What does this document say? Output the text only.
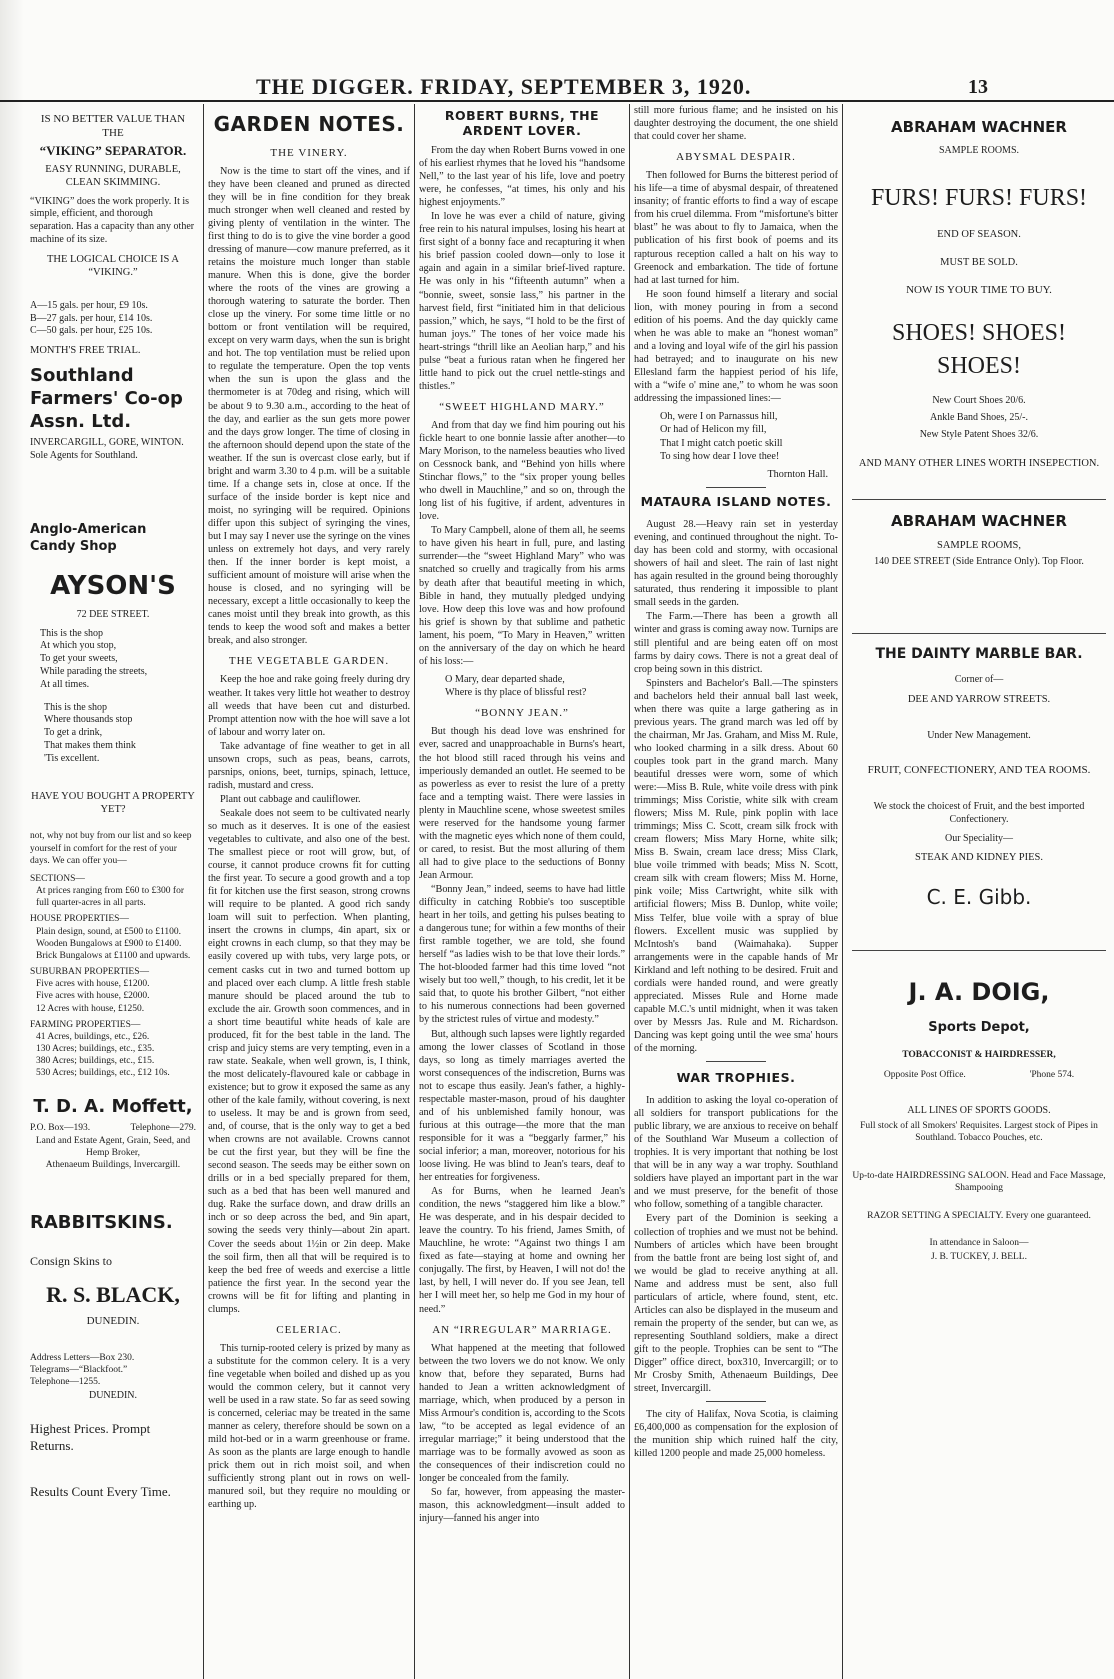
THE DIGGER. FRIDAY, SEPTEMBER 3, 1920.	13
IS NO BETTER VALUE THAN THE
“VIKING” SEPARATOR.
EASY RUNNING, DURABLE, CLEAN SKIMMING.
“VIKING” does the work properly. It is simple, efficient, and thorough separation. Has a capacity than any other machine of its size.
THE LOGICAL CHOICE IS A “VIKING.”
A—15 gals. per hour, £9 10s.
B—27 gals. per hour, £14 10s.
C—50 gals. per hour, £25 10s.
MONTH'S FREE TRIAL.
Southland Farmers' Co-op Assn. Ltd.
INVERCARGILL, GORE, WINTON.
Sole Agents for Southland.
Anglo-American Candy Shop
AYSON'S
72 DEE STREET.
This is the shop
At which you stop,
To get your sweets,
While parading the streets,
At all times.
This is the shop
Where thousands stop
To get a drink,
That makes them think
'Tis excellent.
HAVE YOU BOUGHT A PROPERTY YET?
not, why not buy from our list and so keep yourself in comfort for the rest of your days. We can offer you—
SECTIONS—
At prices ranging from £60 to £300 for full quarter-acres in all parts.
HOUSE PROPERTIES—
Plain design, sound, at £500 to £1100.
Wooden Bungalows at £900 to £1400.
Brick Bungalows at £1100 and upwards.
SUBURBAN PROPERTIES—
Five acres with house, £1200.
Five acres with house, £2000.
12 Acres with house, £1250.
FARMING PROPERTIES—
41 Acres, buildings, etc., £26.
130 Acres; buildings, etc., £35.
380 Acres; buildings, etc., £15.
530 Acres; buildings, etc., £12 10s.
T. D. A. Moffett,
P.O. Box—193.	Telephone—279.
Land and Estate Agent, Grain, Seed, and Hemp Broker,
Athenaeum Buildings, Invercargill.
RABBITSKINS.
Consign Skins to
R. S. BLACK,
DUNEDIN.
Address Letters—Box 230.
Telegrams—“Blackfoot.”
Telephone—1255.
DUNEDIN.
Highest Prices. Prompt Returns.
Results Count Every Time.
GARDEN NOTES.
THE VINERY.

Now is the time to start off the vines, and if they have been cleaned and pruned as directed they will be in fine condition for they break much stronger when well cleaned and rested by giving plenty of ventilation in the winter. The first thing to do is to give the vine border a good dressing of manure—cow manure preferred, as it retains the moisture much longer than stable manure. When this is done, give the border where the roots of the vines are growing a thorough watering to saturate the border. Then close up the vinery. For some time little or no bottom or front ventilation will be required, except on very warm days, when the sun is bright and hot. The top ventilation must be relied upon to regulate the temperature. Open the top vents when the sun is upon the glass and the thermometer is at 70deg and rising, which will be about 9 to 9.30 a.m., according to the heat of the day, and earlier as the sun gets more power and the days grow longer. The time of closing in the afternoon should depend upon the state of the weather. If the sun is overcast close early, but if bright and warm 3.30 to 4 p.m. will be a suitable time. If a change sets in, close at once. If the surface of the inside border is kept nice and moist, no syringing will be required. Opinions differ upon this subject of syringing the vines, but I may say I never use the syringe on the vines unless on extremely hot days, and very rarely then. If the inner border is kept moist, a sufficient amount of moisture will arise when the house is closed, and no syringing will be necessary, except a little occasionally to keep the canes moist until they break into growth, as this tends to keep the wood soft and makes a better break, and also stronger.

THE VEGETABLE GARDEN.

Keep the hoe and rake going freely during dry weather. It takes very little hot weather to destroy all weeds that have been cut and disturbed. Prompt attention now with the hoe will save a lot of labour and worry later on.

Take advantage of fine weather to get in all unsown crops, such as peas, beans, carrots, parsnips, onions, beet, turnips, spinach, lettuce, radish, mustard and cress.

Plant out cabbage and cauliflower.

Seakale does not seem to be cultivated nearly so much as it deserves. It is one of the easiest vegetables to cultivate, and also one of the best. The smallest piece or root will grow, but, of course, it cannot produce crowns fit for cutting the first year. To secure a good growth and a top fit for kitchen use the first season, strong crowns will require to be planted. A good rich sandy loam will suit to perfection. When planting, insert the crowns in clumps, 4in apart, six or eight crowns in each clump, so that they may be easily covered up with tubs, very large pots, or cement casks cut in two and turned bottom up and placed over each clump. A little fresh stable manure should be placed around the tub to exclude the air. Growth soon commences, and in a short time beautiful white heads of kale are produced, fit for the best table in the land. The crisp and juicy stems are very tempting, even in a raw state. Seakale, when well grown, is, I think, the most delicately-flavoured kale or cabbage in existence; but to grow it exposed the same as any other of the kale family, without covering, is next to useless. It may be and is grown from seed, and, of course, that is the only way to get a bed when crowns are not available. Crowns cannot be cut the first year, but they will be fine the second season. The seeds may be either sown on drills or in a bed specially prepared for them, such as a bed that has been well manured and dug. Rake the surface down, and draw drills an inch or so deep across the bed, and 9in apart, sowing the seeds very thinly—about 2in apart. Cover the seeds about 1½in or 2in deep. Make the soil firm, then all that will be required is to keep the bed free of weeds and exercise a little patience the first year. In the second year the crowns will be fit for lifting and planting in clumps.

CELERIAC.

This turnip-rooted celery is prized by many as a substitute for the common celery. It is a very fine vegetable when boiled and dished up as you would the common celery, but it cannot very well be used in a raw state. So far as seed sowing is concerned, celeriac may be treated in the same manner as celery, therefore should be sown on a mild hot-bed or in a warm greenhouse or frame. As soon as the plants are large enough to handle prick them out in rich moist soil, and when sufficiently strong plant out in rows on well-manured soil, but they require no moulding or earthing up.

ROBERT BURNS, THE ARDENT LOVER.

From the day when Robert Burns vowed in one of his earliest rhymes that he loved his “handsome Nell,” to the last year of his life, love and poetry were, he confesses, “at times, his only and his highest enjoyments.”

In love he was ever a child of nature, giving free rein to his natural impulses, losing his heart at first sight of a bonny face and recapturing it when his brief passion cooled down—only to lose it again and again in a similar brief-lived rapture. He was only in his “fifteenth autumn” when a “bonnie, sweet, sonsie lass,” his partner in the harvest field, first “initiated him in that delicious passion,” which, he says, “I hold to be the first of human joys.” The tones of her voice made his heart-strings “thrill like an Aeolian harp,” and his pulse “beat a furious ratan when he fingered her little hand to pick out the cruel nettle-stings and thistles.”

“SWEET HIGHLAND MARY.”

And from that day we find him pouring out his fickle heart to one bonnie lassie after another—to Mary Morison, to the nameless beauties who lived on Cessnock bank, and “Behind yon hills where Stinchar flows,” to the “six proper young belles who dwell in Mauchline,” and so on, through the long list of his fugitive, if ardent, adventures in love.

To Mary Campbell, alone of them all, he seems to have given his heart in full, pure, and lasting surrender—the “sweet Highland Mary” who was snatched so cruelly and tragically from his arms by death after that beautiful meeting in which, Bible in hand, they mutually pledged undying love. How deep this love was and how profound his grief is shown by that sublime and pathetic lament, his poem, “To Mary in Heaven,” written on the anniversary of the day on which he heard of his loss:—

O Mary, dear departed shade,
Where is thy place of blissful rest?
“BONNY JEAN.”

But though his dead love was enshrined for ever, sacred and unapproachable in Burns's heart, the hot blood still raced through his veins and imperiously demanded an outlet. He seemed to be as powerless as ever to resist the lure of a pretty face and a tempting waist. There were lassies in plenty in Mauchline scene, whose sweetest smiles were reserved for the handsome young farmer with the magnetic eyes which none of them could, or cared, to resist. But the most alluring of them all had to give place to the seductions of Bonny Jean Armour.

“Bonny Jean,” indeed, seems to have had little difficulty in catching Robbie's too susceptible heart in her toils, and getting his pulses beating to a dangerous tune; for within a few months of their first ramble together, we are told, she found herself “as ladies wish to be that love their lords.” The hot-blooded farmer had this time loved “not wisely but too well,” though, to his credit, let it be said that, to quote his brother Gilbert, “not either to his numerous connections had been governed by the strictest rules of virtue and modesty.”

But, although such lapses were lightly regarded among the lower classes of Scotland in those days, so long as timely marriages averted the worst consequences of the indiscretion, Burns was not to escape thus easily. Jean's father, a highly-respectable master-mason, proud of his daughter and of his unblemished family honour, was furious at this outrage—the more that the man responsible for it was a “beggarly farmer,” his social inferior; a man, moreover, notorious for his loose living. He was blind to Jean's tears, deaf to her entreaties for forgiveness.

As for Burns, when he learned Jean's condition, the news “staggered him like a blow.” He was desperate, and in his despair decided to leave the country. To his friend, James Smith, of Mauchline, he wrote: “Against two things I am fixed as fate—staying at home and owning her conjugally. The first, by Heaven, I will not do! the last, by hell, I will never do. If you see Jean, tell her I will meet her, so help me God in my hour of need.”

AN “IRREGULAR” MARRIAGE.

What happened at the meeting that followed between the two lovers we do not know. We only know that, before they separated, Burns had handed to Jean a written acknowledgment of marriage, which, when produced by a person in Miss Armour's condition is, according to the Scots law, “to be accepted as legal evidence of an irregular marriage;” it being understood that the marriage was to be formally avowed as soon as the consequences of their indiscretion could no longer be concealed from the family.

So far, however, from appeasing the master-mason, this acknowledgment—insult added to injury—fanned his anger into

still more furious flame; and he insisted on his daughter destroying the document, the one shield that could cover her shame.

ABYSMAL DESPAIR.

Then followed for Burns the bitterest period of his life—a time of abysmal despair, of threatened insanity; of frantic efforts to find a way of escape from his cruel dilemma. From “misfortune's bitter blast” he was about to fly to Jamaica, when the publication of his first book of poems and its rapturous reception called a halt on his way to Greenock and embarkation. The tide of fortune had at last turned for him.

He soon found himself a literary and social lion, with money pouring in from a second edition of his poems. And the day quickly came when he was able to make an “honest woman” and a loving and loyal wife of the girl his passion had betrayed; and to inaugurate on his new Ellesland farm the happiest period of his life, with a “wife o' mine ane,” to whom he was soon addressing the impassioned lines:—

Oh, were I on Parnassus hill,
Or had of Helicon my fill,
That I might catch poetic skill
To sing how dear I love thee!
Thornton Hall.
MATAURA ISLAND NOTES.

August 28.—Heavy rain set in yesterday evening, and continued throughout the night. To-day has been cold and stormy, with occasional showers of hail and sleet. The rain of last night has again resulted in the ground being thoroughly saturated, thus rendering it impossible to plant small seeds in the garden.

The Farm.—There has been a growth all winter and grass is coming away now. Turnips are still plentiful and are being eaten off on most farms by dairy cows. There is not a great deal of crop being sown in this district.

Spinsters and Bachelor's Ball.—The spinsters and bachelors held their annual ball last week, when there was quite a large gathering as in previous years. The grand march was led off by the chairman, Mr Jas. Graham, and Miss M. Rule, who looked charming in a silk dress. About 60 couples took part in the grand march. Many beautiful dresses were worn, some of which were:—Miss B. Rule, white voile dress with pink trimmings; Miss Coristie, white silk with cream flowers; Miss M. Rule, pink poplin with lace trimmings; Miss C. Scott, cream silk frock with cream flowers; Miss Mary Horne, white silk; Miss B. Swain, cream lace dress; Miss Clark, blue voile trimmed with beads; Miss N. Scott, cream silk with cream flowers; Miss M. Horne, pink voile; Miss Cartwright, white silk with artificial flowers; Miss B. Dunlop, white voile; Miss Telfer, blue voile with a spray of blue flowers. Excellent music was supplied by McIntosh's band (Waimahaka). Supper arrangements were in the capable hands of Mr Kirkland and left nothing to be desired. Fruit and cordials were handed round, and were greatly appreciated. Misses Rule and Horne made capable M.C.'s until midnight, when it was taken over by Messrs Jas. Rule and M. Richardson. Dancing was kept going until the wee sma' hours of the morning.

WAR TROPHIES.

In addition to asking the loyal co-operation of all soldiers for transport publications for the public library, we are anxious to receive on behalf of the Southland War Museum a collection of trophies. It is very important that nothing be lost that will be in any way a war trophy. Southland soldiers have played an important part in the war and we must preserve, for the benefit of those who follow, something of a tangible character.

Every part of the Dominion is seeking a collection of trophies and we must not be behind. Numbers of articles which have been brought from the battle front are being lost sight of, and we would be glad to receive anything at all. Name and address must be sent, also full particulars of article, where found, stent, etc. Articles can also be displayed in the museum and remain the property of the sender, but can we, as representing Southland soldiers, make a direct gift to the people. Trophies can be sent to “The Digger” office direct, box310, Invercargill; or to Mr Crosby Smith, Athenaeum Buildings, Dee street, Invercargill.

The city of Halifax, Nova Scotia, is claiming £6,400,000 as compensation for the explosion of the munition ship which ruined half the city, killed 1200 people and made 25,000 homeless.

ABRAHAM WACHNER
SAMPLE ROOMS.
FURS! FURS! FURS!
END OF SEASON.
MUST BE SOLD.
NOW IS YOUR TIME TO BUY.
SHOES! SHOES! SHOES!
New Court Shoes 20/6.
Ankle Band Shoes, 25/-.
New Style Patent Shoes 32/6.
AND MANY OTHER LINES WORTH INSEPECTION.
ABRAHAM WACHNER
SAMPLE ROOMS,
140 DEE STREET (Side Entrance Only). Top Floor.
THE DAINTY MARBLE BAR.
Corner of—
DEE AND YARROW STREETS.
Under New Management.
FRUIT, CONFECTIONERY, AND TEA ROOMS.
We stock the choicest of Fruit, and the best imported Confectionery.
Our Speciality—
STEAK AND KIDNEY PIES.
C. E. Gibb.
J. A. DOIG,
Sports Depot,
TOBACCONIST & HAIRDRESSER,
Opposite Post Office.	'Phone 574.
ALL LINES OF SPORTS GOODS.
Full stock of all Smokers' Requisites. Largest stock of Pipes in Southland. Tobacco Pouches, etc.
Up-to-date HAIRDRESSING SALOON. Head and Face Massage, Shampooing
RAZOR SETTING A SPECIALTY. Every one guaranteed.
In attendance in Saloon—
J. B. TUCKEY, J. BELL.
